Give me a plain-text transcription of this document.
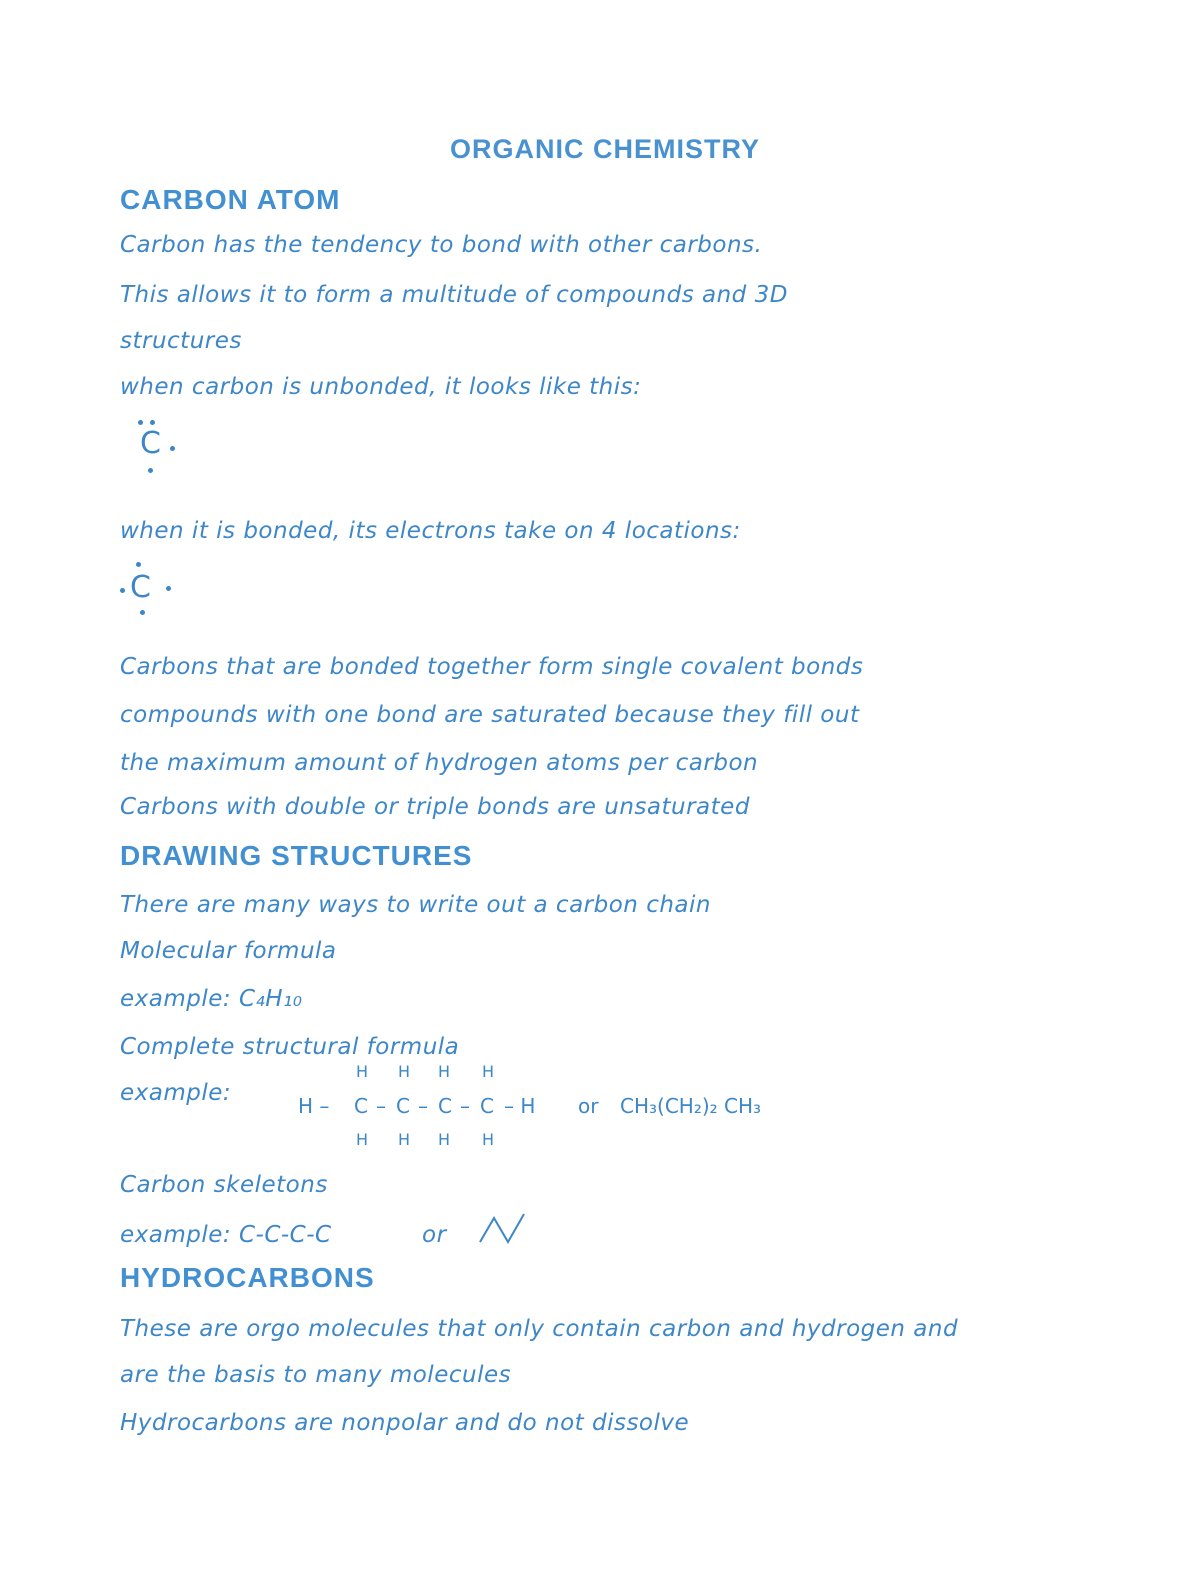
ORGANIC CHEMISTRY
CARBON ATOM
Carbon has the tendency to bond with other carbons.
This allows it to form a multitude of compounds and 3D
structures
when carbon is unbonded, it looks like this:
C
when it is bonded, its electrons take on 4 locations:
C
Carbons that are bonded together form single covalent bonds
compounds with one bond are saturated because they fill out
the maximum amount of hydrogen atoms per carbon
Carbons with double or triple bonds are unsaturated
DRAWING STRUCTURES
There are many ways to write out a carbon chain
Molecular formula
example: C₄H₁₀
Complete structural formula
example:	H –
H H H H
C – C – C – C – H
H H H H
or CH₃(CH₂)₂ CH₃
Carbon skeletons
example: C-C-C-C	or
HYDROCARBONS
These are orgo molecules that only contain carbon and hydrogen and
are the basis to many molecules
Hydrocarbons are nonpolar and do not dissolve
